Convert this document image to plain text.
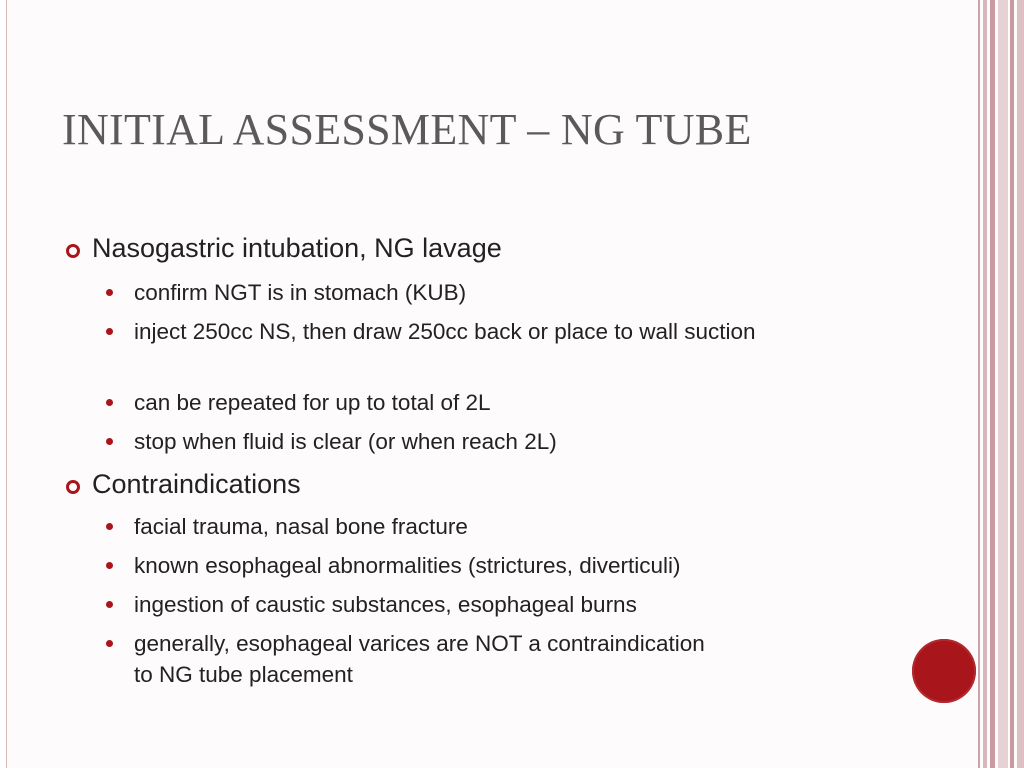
INITIAL ASSESSMENT – NG TUBE
Nasogastric intubation, NG lavage
confirm NGT is in stomach (KUB)
inject 250cc NS, then draw 250cc back or place to wall suction
can be repeated for up to total of 2L
stop when fluid is clear (or when reach 2L)
Contraindications
facial trauma, nasal bone fracture
known esophageal abnormalities (strictures, diverticuli)
ingestion of caustic substances, esophageal burns
generally, esophageal varices are NOT a contraindication to NG tube placement
